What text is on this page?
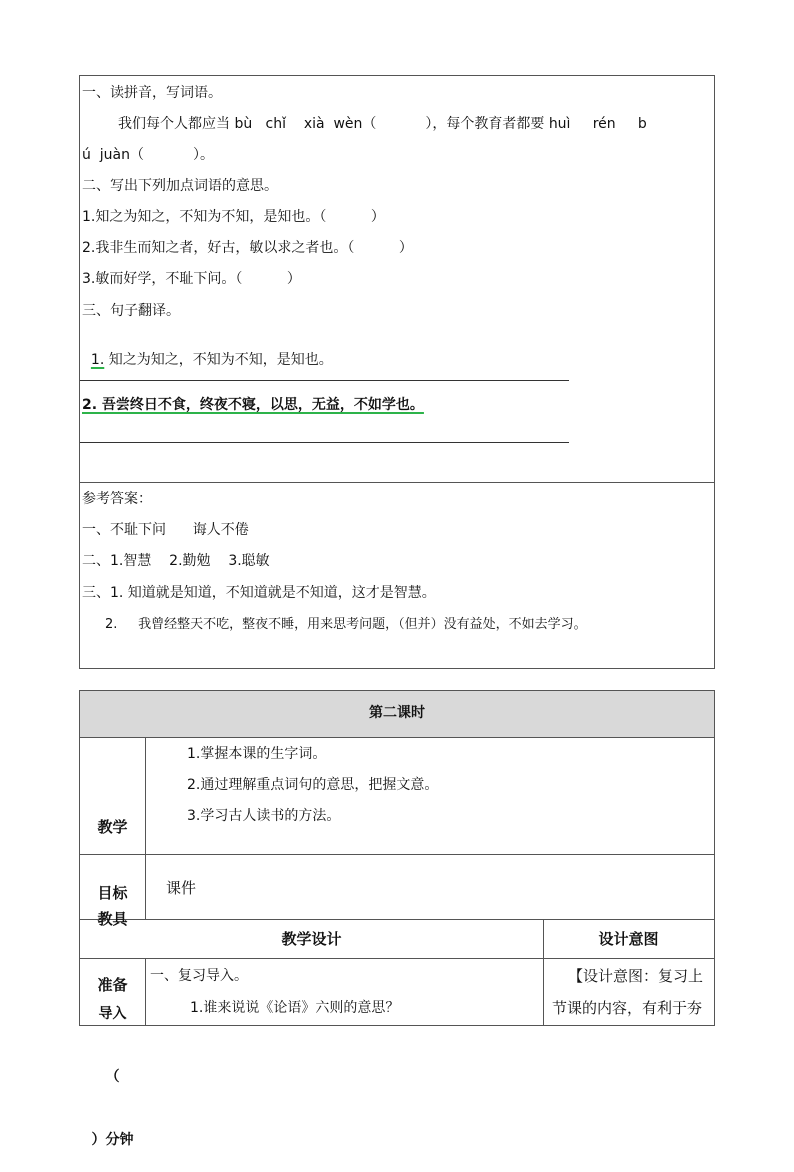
一、读拼音，写词语。
我们每个人都应当 bù   chǐ    xià  wèn（           ），每个教育者都要 huì     rén     b
ú  juàn（           ）。
二、写出下列加点词语的意思。
1.知之为知之，不知为不知，是知也。（          ）
2.我非生而知之者，好古，敏以求之者也。（          ）
3.敏而好学，不耻下问。（          ）
三、句子翻译。

1. 知之为知之，不知为不知，是知也。

2. 吾尝终日不食，终夜不寝，以思，无益，不如学也。
参考答案：
一、不耻下问      诲人不倦
二、1.智慧    2.勤勉    3.聪敏
三、1. 知道就是知道，不知道就是不知道，这才是智慧。
2.     我曾经整天不吃，整夜不睡，用来思考问题，（但并）没有益处，不如去学习。
第二课时

教学

目标

1.掌握本课的生字词。
2.通过理解重点词句的意思，把握文意。
3.学习古人读书的方法。

教具

准备

课件
教学设计	设计意图

导入

（

）分钟

一、复习导入。
1.谁来说说《论语》六则的意思？
【设计意图：复习上
节课的内容，有利于夯
